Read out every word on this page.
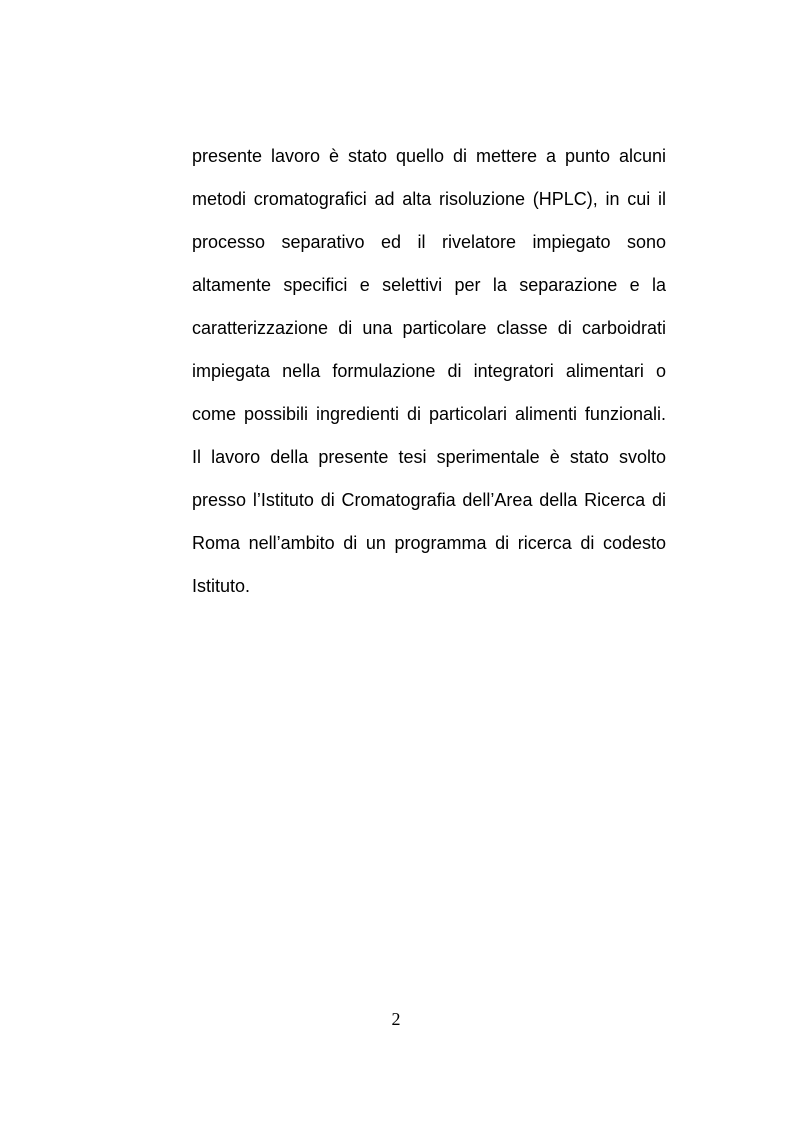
presente lavoro è stato quello di mettere a punto alcuni
metodi cromatografici ad alta risoluzione (HPLC), in cui il
processo separativo ed il rivelatore impiegato sono
altamente specifici e selettivi per la separazione e la
caratterizzazione di una particolare classe di carboidrati
impiegata nella formulazione di integratori alimentari o
come possibili ingredienti di particolari alimenti funzionali.
Il lavoro della presente tesi sperimentale è stato svolto
presso l’Istituto di Cromatografia dell’Area della Ricerca di
Roma nell’ambito di un programma di ricerca di codesto
Istituto.
2
